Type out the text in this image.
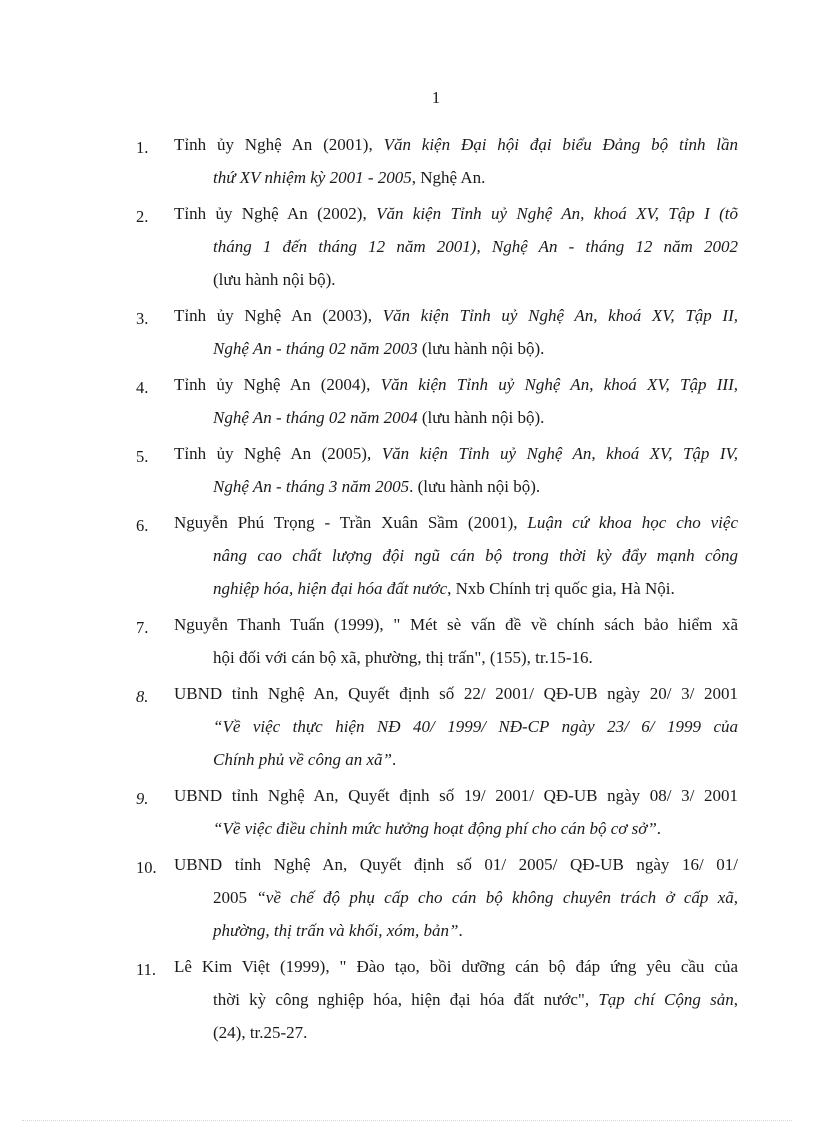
1
1. Tỉnh ủy Nghệ An (2001), Văn kiện Đại hội đại biểu Đảng bộ tỉnh lần
thứ XV nhiệm kỳ 2001 - 2005, Nghệ An.
2. Tỉnh ủy Nghệ An (2002), Văn kiện Tỉnh uỷ Nghệ An, khoá XV, Tập I (tõ
tháng 1 đến tháng 12 năm 2001), Nghệ An - tháng 12 năm 2002
(lưu hành nội bộ).
3. Tỉnh ủy Nghệ An (2003), Văn kiện Tỉnh uỷ Nghệ An, khoá XV, Tập II,
Nghệ An - tháng 02 năm 2003 (lưu hành nội bộ).
4. Tỉnh ủy Nghệ An (2004), Văn kiện Tỉnh uỷ Nghệ An, khoá XV, Tập III,
Nghệ An - tháng 02 năm 2004 (lưu hành nội bộ).
5. Tỉnh ủy Nghệ An (2005), Văn kiện Tỉnh uỷ Nghệ An, khoá XV, Tập IV,
Nghệ An - tháng 3 năm 2005. (lưu hành nội bộ).
6. Nguyễn Phú Trọng - Trần Xuân Sầm (2001), Luận cứ khoa học cho việc
nâng cao chất lượng đội ngũ cán bộ trong thời kỳ đẩy mạnh công
nghiệp hóa, hiện đại hóa đất nước, Nxb Chính trị quốc gia, Hà Nội.
7. Nguyễn Thanh Tuấn (1999), " Mét sè vấn đề về chính sách bảo hiểm xã
hội đối với cán bộ xã, phường, thị trấn", (155), tr.15-16.
8. UBND tỉnh Nghệ An, Quyết định số 22/ 2001/ QĐ-UB ngày 20/ 3/ 2001
“Về việc thực hiện NĐ 40/ 1999/ NĐ-CP ngày 23/ 6/ 1999 của
Chính phủ về công an xã”.
9. UBND tỉnh Nghệ An, Quyết định số 19/ 2001/ QĐ-UB ngày 08/ 3/ 2001
“Về việc điều chỉnh mức hưởng hoạt động phí cho cán bộ cơ sở”.
10. UBND tỉnh Nghệ An, Quyết định số 01/ 2005/ QĐ-UB ngày 16/ 01/
2005 “về chế độ phụ cấp cho cán bộ không chuyên trách ở cấp xã,
phường, thị trấn và khối, xóm, bản”.
11. Lê Kim Việt (1999), " Đào tạo, bồi dưỡng cán bộ đáp ứng yêu cầu của
thời kỳ công nghiệp hóa, hiện đại hóa đất nước", Tạp chí Cộng sản,
(24), tr.25-27.
